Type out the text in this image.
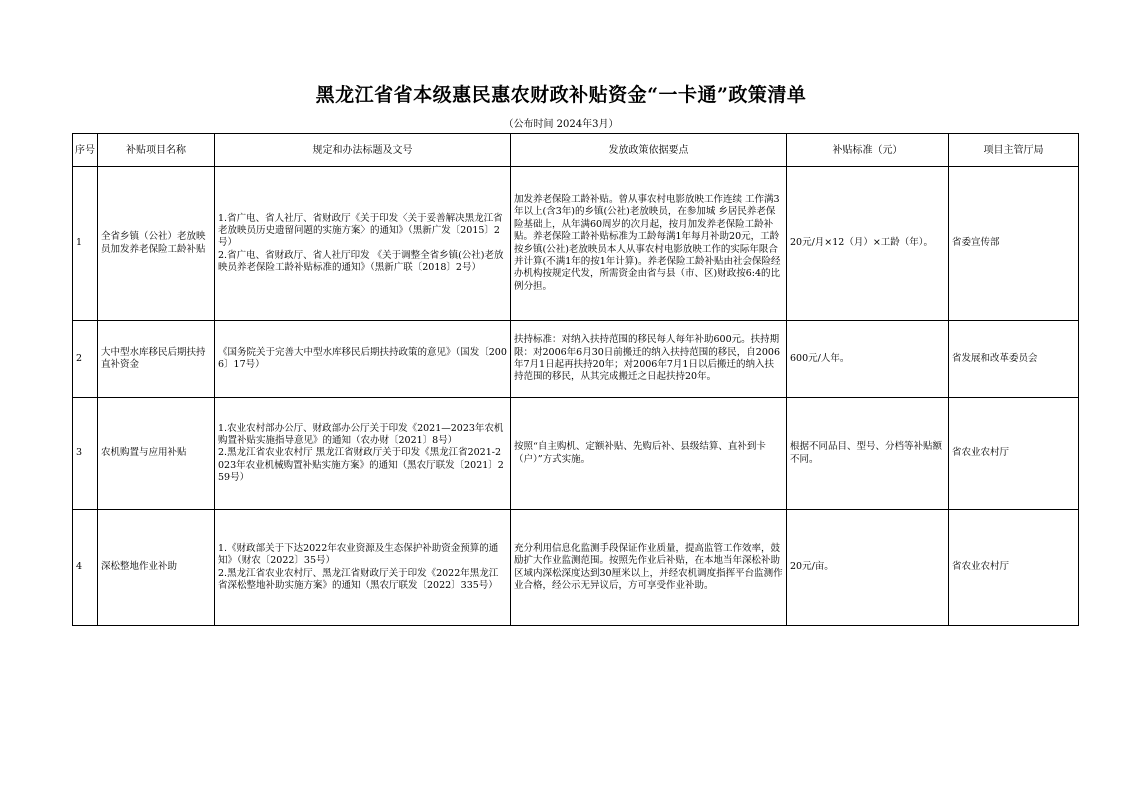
黑龙江省省本级惠民惠农财政补贴资金“一卡通”政策清单
（公布时间 2024年3月）
序号	补贴项目名称	规定和办法标题及文号	发放政策依据要点	补贴标准（元）	项目主管厅局
1	全省乡镇（公社）老放映员加发养老保险工龄补贴	1.省广电、省人社厅、省财政厅《关于印发〈关于妥善解决黑龙江省老放映员历史遗留问题的实施方案〉的通知》（黑新广发〔2015〕2号）
2.省广电、省财政厅、省人社厅印发 《关于调整全省乡镇(公社)老放映员养老保险工龄补贴标准的通知》（黑新广联〔2018〕2号）	加发养老保险工龄补贴。曾从事农村电影放映工作连续 工作满3年以上(含3年)的乡镇(公社)老放映员，在参加城 乡居民养老保险基础上，从年满60周岁的次月起，按月加发养老保险工龄补贴。养老保险工龄补贴标准为工龄每满1年每月补助20元，工龄按乡镇(公社)老放映员本人从事农村电影放映工作的实际年限合并计算(不满1年的按1年计算)。养老保险工龄补贴由社会保险经办机构按规定代发，所需资金由省与县（市、区)财政按6:4的比例分担。	20元/月×12（月）×工龄（年）。	省委宣传部
2	大中型水库移民后期扶持直补资金	《国务院关于完善大中型水库移民后期扶持政策的意见》（国发〔2006〕17号）	扶持标准：对纳入扶持范围的移民每人每年补助600元。扶持期限：对2006年6月30日前搬迁的纳入扶持范围的移民，自2006年7月1日起再扶持20年；对2006年7月1日以后搬迁的纳入扶持范围的移民，从其完成搬迁之日起扶持20年。	600元/人年。	省发展和改革委员会
3	农机购置与应用补贴	1.农业农村部办公厅、财政部办公厅关于印发《2021—2023年农机购置补贴实施指导意见》的通知（农办财〔2021〕8号）
2.黑龙江省农业农村厅 黑龙江省财政厅关于印发《黑龙江省2021-2023年农业机械购置补贴实施方案》的通知（黑农厅联发〔2021〕259号）	按照“自主购机、定额补贴、先购后补、县级结算、直补到卡（户）”方式实施。	根据不同品目、型号、分档等补贴额不同。	省农业农村厅
4	深松整地作业补助	1.《财政部关于下达2022年农业资源及生态保护补助资金预算的通知》（财农〔2022〕35号）
2.黑龙江省农业农村厅、黑龙江省财政厅关于印发《2022年黑龙江省深松整地补助实施方案》的通知（黑农厅联发〔2022〕335号）	充分利用信息化监测手段保证作业质量，提高监管工作效率，鼓励扩大作业监测范围。按照先作业后补贴，在本地当年深松补助区域内深松深度达到30厘米以上，并经农机调度指挥平台监测作业合格，经公示无异议后，方可享受作业补助。	20元/亩。	省农业农村厅
